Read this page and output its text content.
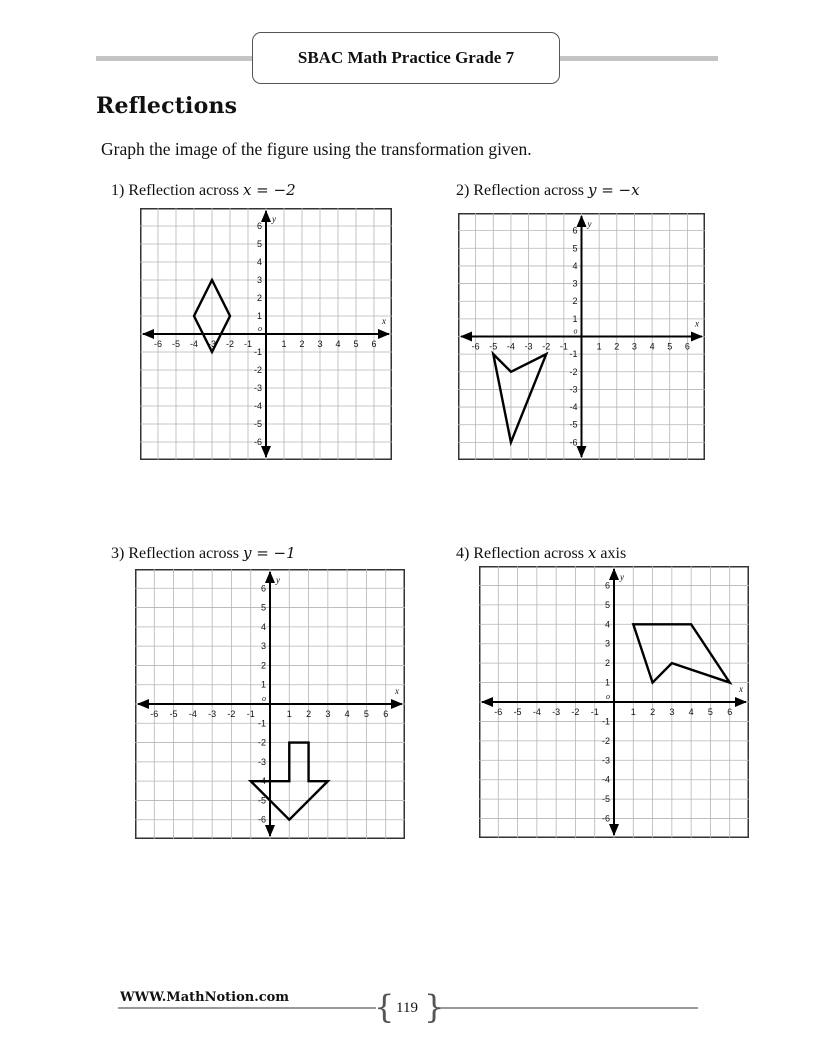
SBAC Math Practice Grade 7
Reflections
Graph the image of the figure using the transformation given.
1) Reflection across x = −2	2) Reflection across y = −x
3) Reflection across y = −1	4) Reflection across x axis
-6
-6
-5
-5
-4
-4
-3
-3
-2
-2
-1
-1
1
1
2
2
3
3
4
4
5
5
6
6
o
x
y
-6
-6
-5
-5
-4
-4
-3
-3
-2
-2
-1
-1
1
1
2
2
3
3
4
4
5
5
6
6
o
x
y
-6
-6
-5
-5
-4
-4
-3
-3
-2
-2
-1
-1
1
1
2
2
3
3
4
4
5
5
6
6
o
x
y
-6
-6
-5
-5
-4
-4
-3
-3
-2
-2
-1
-1
1
1
2
2
3
3
4
4
5
5
6
6
o
x
y
WWW.MathNotion.com	{ 119 }
